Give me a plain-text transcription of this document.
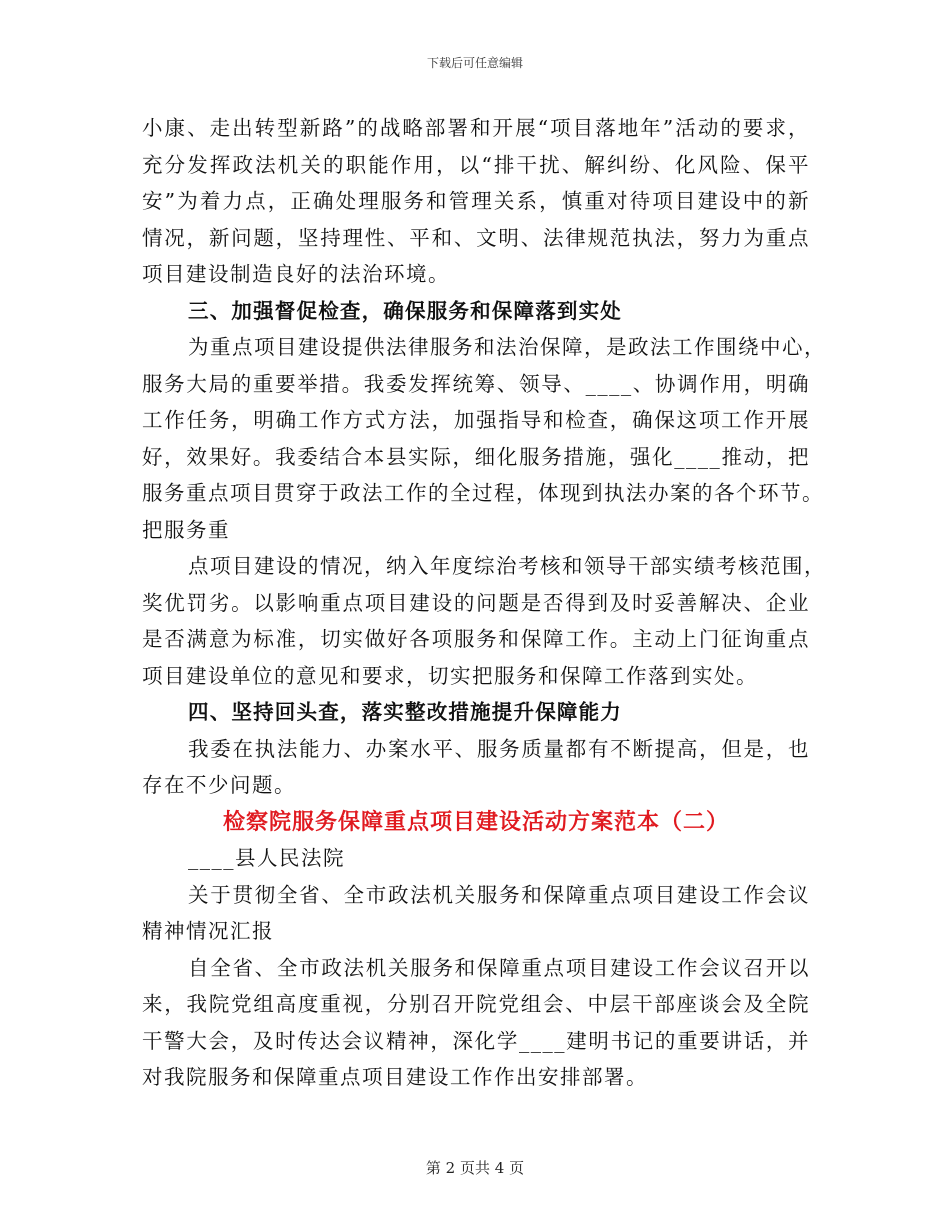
下载后可任意编辑
小康、走出转型新路”的战略部署和开展“项目落地年”活动的要求，
充分发挥政法机关的职能作用，以“排干扰、解纠纷、化风险、保平
安”为着力点，正确处理服务和管理关系，慎重对待项目建设中的新
情况，新问题，坚持理性、平和、文明、法律规范执法，努力为重点
项目建设制造良好的法治环境。
三、加强督促检查，确保服务和保障落到实处
为重点项目建设提供法律服务和法治保障，是政法工作围绕中心，
服务大局的重要举措。我委发挥统筹、领导、____、协调作用，明确
工作任务，明确工作方式方法，加强指导和检查，确保这项工作开展
好，效果好。我委结合本县实际，细化服务措施，强化____推动，把
服务重点项目贯穿于政法工作的全过程，体现到执法办案的各个环节。
把服务重
点项目建设的情况，纳入年度综治考核和领导干部实绩考核范围，
奖优罚劣。以影响重点项目建设的问题是否得到及时妥善解决、企业
是否满意为标准，切实做好各项服务和保障工作。主动上门征询重点
项目建设单位的意见和要求，切实把服务和保障工作落到实处。
四、坚持回头查，落实整改措施提升保障能力
我委在执法能力、办案水平、服务质量都有不断提高，但是，也
存在不少问题。
检察院服务保障重点项目建设活动方案范本（二）
____县人民法院
关于贯彻全省、全市政法机关服务和保障重点项目建设工作会议
精神情况汇报
自全省、全市政法机关服务和保障重点项目建设工作会议召开以
来，我院党组高度重视，分别召开院党组会、中层干部座谈会及全院
干警大会，及时传达会议精神，深化学____建明书记的重要讲话，并
对我院服务和保障重点项目建设工作作出安排部署。
第 2 页共 4 页
